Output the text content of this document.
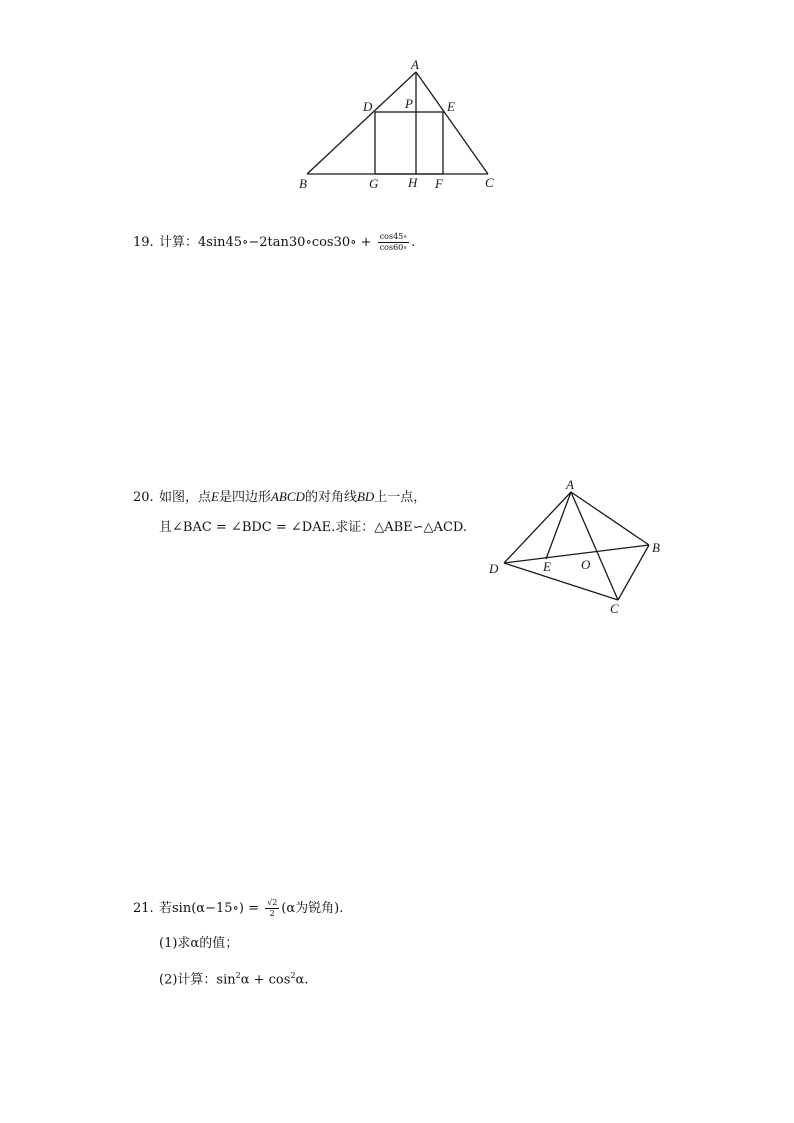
A
D	P	E
B	G H F	C
19. 计算：4sin45∘−2tan30∘cos30∘ + $\frac{\cos 45\circ}{\cos 60\circ}$ .
20. 如图，点E是四边形ABCD的对角线BD上一点，
且∠BAC = ∠BDC = ∠DAE.求证：△ABE∽△ACD.
A
B
D	E O
C
21. 若sin(α−15∘) = $\frac{√2}{2} (\alpha$为锐角).
(1)求α的值；
(2)计算：$\sin^2\alpha + \cos^2\alpha$.
